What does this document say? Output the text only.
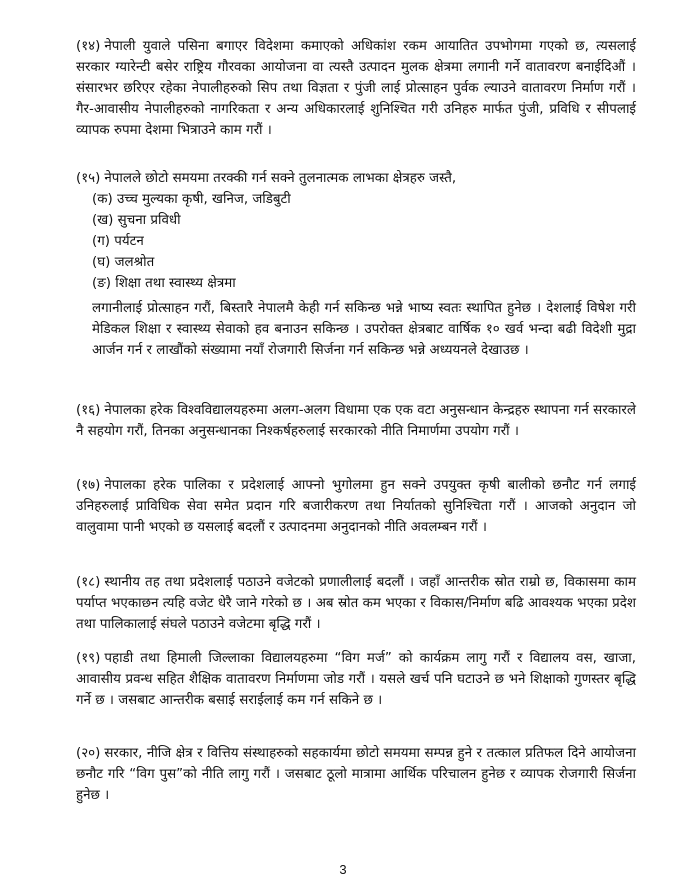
(१४) नेपाली युवाले पसिना बगाएर विदेशमा कमाएको अधिकांश रकम आयातित उपभोगमा गएको छ, त्यसलाई सरकार ग्यारेन्टी बसेर राष्ट्रिय गौरवका आयोजना वा त्यस्तै उत्पादन मुलक क्षेत्रमा लगानी गर्ने वातावरण बनाईदिऔं । संसारभर छरिएर रहेका नेपालीहरुको सिप तथा विज्ञता र पुंजी लाई प्रोत्साहन पुर्वक ल्याउने वातावरण निर्माण गरौं । गैर-आवासीय नेपालीहरुको नागरिकता र अन्य अधिकारलाई शुनिश्चित गरी उनिहरु मार्फत पुंजी, प्रविधि र सीपलाई व्यापक रुपमा देशमा भित्राउने काम गरौं ।

(१५) नेपालले छोटो समयमा तरक्की गर्न सक्ने तुलनात्मक लाभका क्षेत्रहरु जस्तै,

(क) उच्च मुल्यका कृषी, खनिज, जडिबुटी
(ख) सुचना प्रविधी
(ग) पर्यटन
(घ) जलश्रोत
(ङ) शिक्षा तथा स्वास्थ्य क्षेत्रमा

लगानीलाई प्रोत्साहन गरौं, बिस्तारै नेपालमै केही गर्न सकिन्छ भन्ने भाष्य स्वतः स्थापित हुनेछ । देशलाई विषेश गरी मेडिकल शिक्षा र स्वास्थ्य सेवाको हव बनाउन सकिन्छ । उपरोक्त क्षेत्रबाट वार्षिक १० खर्व भन्दा बढी विदेशी मुद्रा आर्जन गर्न र लाखौंको संख्यामा नयाँ रोजगारी सिर्जना गर्न सकिन्छ भन्ने अध्ययनले देखाउछ ।

(१६) नेपालका हरेक विश्वविद्यालयहरुमा अलग-अलग विधामा एक एक वटा अनुसन्धान केन्द्रहरु स्थापना गर्न सरकारले नै सहयोग गरौं, तिनका अनुसन्धानका निश्कर्षहरुलाई सरकारको नीति निमार्णमा उपयोग गरौं ।

(१७) नेपालका हरेक पालिका र प्रदेशलाई आफ्नो भुगोलमा हुन सक्ने उपयुक्त कृषी बालीको छनौट गर्न लगाई उनिहरुलाई प्राविधिक सेवा समेत प्रदान गरि बजारीकरण तथा निर्यातको सुनिश्चिता गरौं । आजको अनुदान जो वालुवामा पानी भएको छ यसलाई बदलौं र उत्पादनमा अनुदानको नीति अवलम्बन गरौं ।

(१८) स्थानीय तह तथा प्रदेशलाई पठाउने वजेटको प्रणालीलाई बदलौं । जहाँ आन्तरीक स्रोत राम्रो छ, विकासमा काम पर्याप्त भएकाछन त्यहि वजेट धेरै जाने गरेको छ । अब स्रोत कम भएका र विकास/निर्माण बढि आवश्यक भएका प्रदेश तथा पालिकालाई संघले पठाउने वजेटमा बृद्धि गरौं ।

(१९) पहाडी तथा हिमाली जिल्लाका विद्यालयहरुमा “विग मर्ज” को कार्यक्रम लागु गरौं र विद्यालय वस, खाजा, आवासीय प्रवन्ध सहित शैक्षिक वातावरण निर्माणमा जोड गरौं । यसले खर्च पनि घटाउने छ भने शिक्षाको गुणस्तर बृद्धि गर्ने छ । जसबाट आन्तरीक बसाई सराईलाई कम गर्न सकिने छ ।

(२०) सरकार, नीजि क्षेत्र र वित्तिय संस्थाहरुको सहकार्यमा छोटो समयमा सम्पन्न हुने र तत्काल प्रतिफल दिने आयोजना छनौट गरि “विग पुस”को नीति लागु गरौं । जसबाट ठूलो मात्रामा आर्थिक परिचालन हुनेछ र व्यापक रोजगारी सिर्जना हुनेछ ।

3
